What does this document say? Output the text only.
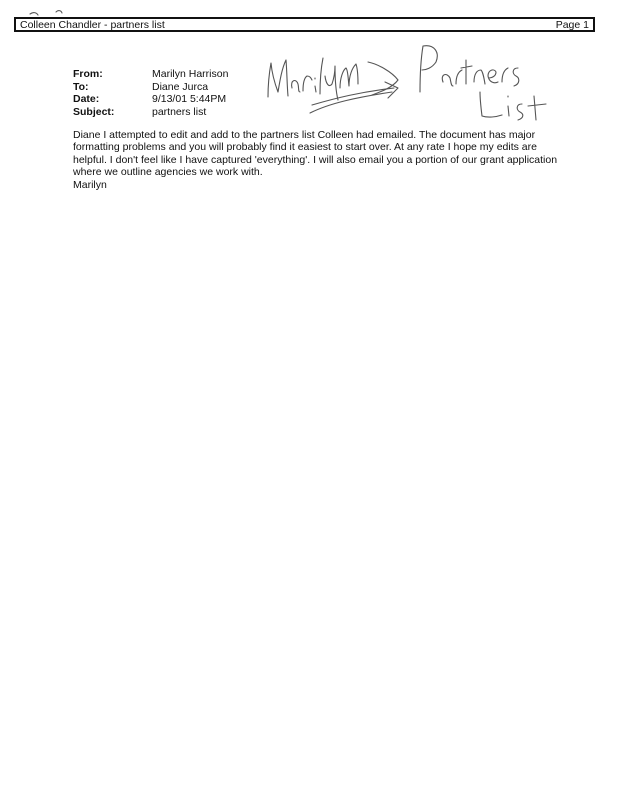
Colleen Chandler - partners list	Page 1
From:	Marilyn Harrison
To:	Diane Jurca
Date:	9/13/01 5:44PM
Subject:	partners list
Diane I attempted to edit and add to the partners list Colleen had emailed. The document has major
formatting problems and you will probably find it easiest to start over. At any rate I hope my edits are
helpful. I don't feel like I have captured 'everything'. I will also email you a portion of our grant application
where we outline agencies we work with.
Marilyn
